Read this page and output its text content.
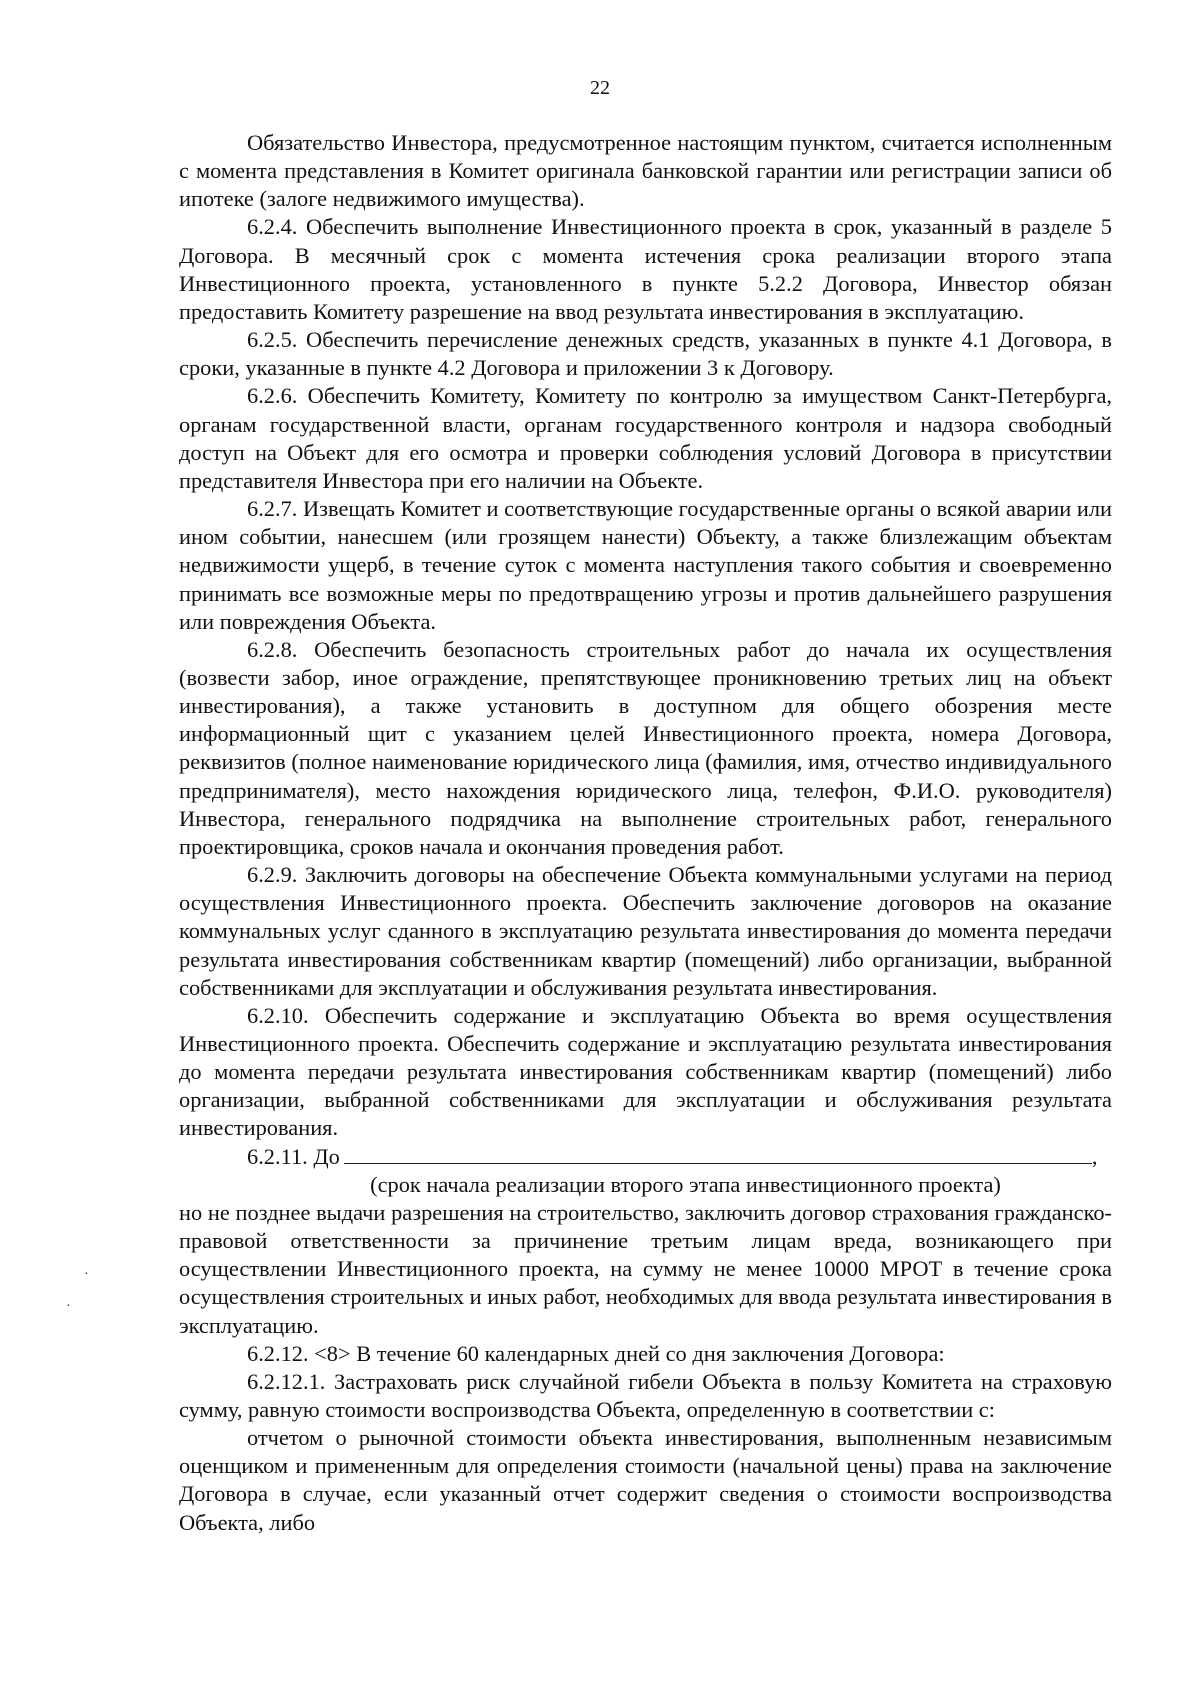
22

Обязательство Инвестора, предусмотренное настоящим пунктом, считается исполненным с момента представления в Комитет оригинала банковской гарантии или регистрации записи об ипотеке (залоге недвижимого имущества).

6.2.4. Обеспечить выполнение Инвестиционного проекта в срок, указанный в разделе 5 Договора. В месячный срок с момента истечения срока реализации второго этапа Инвестиционного проекта, установленного в пункте 5.2.2 Договора, Инвестор обязан предоставить Комитету разрешение на ввод результата инвестирования в эксплуатацию.

6.2.5. Обеспечить перечисление денежных средств, указанных в пункте 4.1 Договора, в сроки, указанные в пункте 4.2 Договора и приложении 3 к Договору.

6.2.6. Обеспечить Комитету, Комитету по контролю за имуществом Санкт-Петербурга, органам государственной власти, органам государственного контроля и надзора свободный доступ на Объект для его осмотра и проверки соблюдения условий Договора в присутствии представителя Инвестора при его наличии на Объекте.

6.2.7. Извещать Комитет и соответствующие государственные органы о всякой аварии или ином событии, нанесшем (или грозящем нанести) Объекту, а также близлежащим объектам недвижимости ущерб, в течение суток с момента наступления такого события и своевременно принимать все возможные меры по предотвращению угрозы и против дальнейшего разрушения или повреждения Объекта.

6.2.8. Обеспечить безопасность строительных работ до начала их осуществления (возвести забор, иное ограждение, препятствующее проникновению третьих лиц на объект инвестирования), а также установить в доступном для общего обозрения месте информационный щит с указанием целей Инвестиционного проекта, номера Договора, реквизитов (полное наименование юридического лица (фамилия, имя, отчество индивидуального предпринимателя), место нахождения юридического лица, телефон, Ф.И.О. руководителя) Инвестора, генерального подрядчика на выполнение строительных работ, генерального проектировщика, сроков начала и окончания проведения работ.

6.2.9. Заключить договоры на обеспечение Объекта коммунальными услугами на период осуществления Инвестиционного проекта. Обеспечить заключение договоров на оказание коммунальных услуг сданного в эксплуатацию результата инвестирования до момента передачи результата инвестирования собственникам квартир (помещений) либо организации, выбранной собственниками для эксплуатации и обслуживания результата инвестирования.

6.2.10. Обеспечить содержание и эксплуатацию Объекта во время осуществления Инвестиционного проекта. Обеспечить содержание и эксплуатацию результата инвестирования до момента передачи результата инвестирования собственникам квартир (помещений) либо организации, выбранной собственниками для эксплуатации и обслуживания результата инвестирования.

6.2.11. До	,

(срок начала реализации второго этапа инвестиционного проекта)

но не позднее выдачи разрешения на строительство, заключить договор страхования гражданско-правовой ответственности за причинение третьим лицам вреда, возникающего при осуществлении Инвестиционного проекта, на сумму не менее 10000 МРОТ в течение срока осуществления строительных и иных работ, необходимых для ввода результата инвестирования в эксплуатацию.

6.2.12. <8> В течение 60 календарных дней со дня заключения Договора:

6.2.12.1. Застраховать риск случайной гибели Объекта в пользу Комитета на страховую сумму, равную стоимости воспроизводства Объекта, определенную в соответствии с:

отчетом о рыночной стоимости объекта инвестирования, выполненным независимым оценщиком и примененным для определения стоимости (начальной цены) права на заключение Договора в случае, если указанный отчет содержит сведения о стоимости воспроизводства Объекта, либо

·
·
